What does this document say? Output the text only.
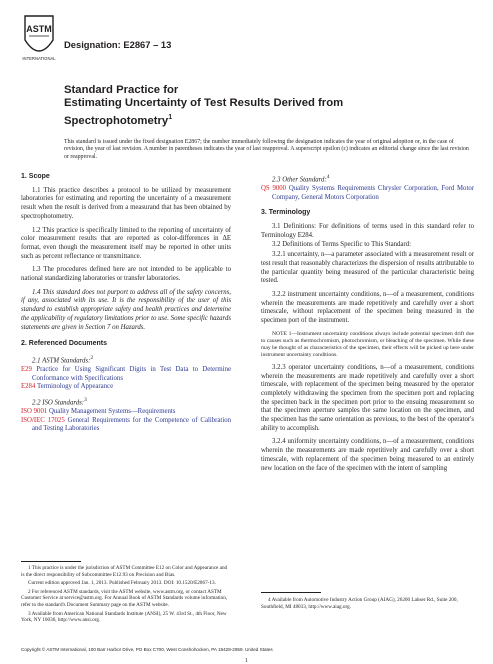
ASTM
INTERNATIONAL
Designation: E2867 – 13
Standard Practice for
Estimating Uncertainty of Test Results Derived from
Spectrophotometry$^1$
This standard is issued under the fixed designation E2867; the number immediately following the designation indicates the year of original adoption or, in the case of revision, the year of last revision. A number in parentheses indicates the year of last reapproval. A superscript epsilon (ε) indicates an editorial change since the last revision or reapproval.

1. Scope

1.1 This practice describes a protocol to be utilized by measurement laboratories for estimating and reporting the uncertainty of a measurement result when the result is derived from a measurand that has been obtained by spectrophotometry.

1.2 This practice is specifically limited to the reporting of uncertainty of color measurement results that are reported as color-differences in ΔE format, even though the measurement itself may be reported in other units such as percent reflectance or transmittance.

1.3 The procedures defined here are not intended to be applicable to national standardizing laboratories or transfer laboratories.

1.4 This standard does not purport to address all of the safety concerns, if any, associated with its use. It is the responsibility of the user of this standard to establish appropriate safety and health practices and determine the applicability of regulatory limitations prior to use. Some specific hazards statements are given in Section 7 on Hazards.

2. Referenced Documents

2.1 ASTM Standards:$^2$

E29 Practice for Using Significant Digits in Test Data to Determine Conformance with Specifications

E284 Terminology of Appearance

2.2 ISO Standards:$^3$

ISO 9001 Quality Management Systems—Requirements

ISO/IEC 17025 General Requirements for the Competence of Calibration and Testing Laboratories

2.3 Other Standard:$^4$

QS 9000 Quality Systems Requirements Chrysler Corporation, Ford Motor Company, General Motors Corporation

3. Terminology

3.1 Definitions: For definitions of terms used in this standard refer to Terminology E284.

3.2 Definitions of Terms Specific to This Standard:

3.2.1 uncertainty, n—a parameter associated with a measurement result or test result that reasonably characterizes the dispersion of results attributable to the particular quantity being measured of the particular characteristic being tested.

3.2.2 instrument uncertainty conditions, n—of a measurement, conditions wherein the measurements are made repetitively and carefully over a short timescale, without replacement of the specimen being measured in the specimen port of the instrument.

NOTE 1—Instrument uncertainty conditions always include potential specimen drift due to causes such as thermochromism, photochromism, or bleaching of the specimen. While these may be thought of as characteristics of the specimen, their effects will be picked up here under instrument uncertainty conditions.

3.2.3 operator uncertainty conditions, n—of a measurement, conditions wherein the measurements are made repetitively and carefully over a short timescale, with replacement of the specimen being measured by the operator completely withdrawing the specimen from the specimen port and replacing the specimen back in the specimen port prior to the ensuing measurement so that the specimen aperture samples the same location on the specimen, and the specimen has the same orientation as previous, to the best of the operator's ability to accomplish.

3.2.4 uniformity uncertainty conditions, n—of a measurement, conditions wherein the measurements are made repetitively and carefully over a short timescale, with replacement of the specimen being measured to an entirely new location on the face of the specimen with the intent of sampling

1 This practice is under the jurisdiction of ASTM Committee E12 on Color and Appearance and is the direct responsibility of Subcommittee E12.93 on Precision and Bias.

Current edition approved Jan. 1, 2013. Published February 2013. DOI: 10.1520/E2867-13.

2 For referenced ASTM standards, visit the ASTM website, www.astm.org, or contact ASTM Customer Service at service@astm.org. For Annual Book of ASTM Standards volume information, refer to the standard's Document Summary page on the ASTM website.

3 Available from American National Standards Institute (ANSI), 25 W. 43rd St., 4th Floor, New York, NY 10036, http://www.ansi.org.

4 Available from Automotive Industry Action Group (AIAG), 26200 Lahser Rd., Suite 200, Southfield, MI 48033, http://www.aiag.org.

Copyright © ASTM International, 100 Barr Harbor Drive, PO Box C700, West Conshohocken, PA 19428-2959. United States
1
